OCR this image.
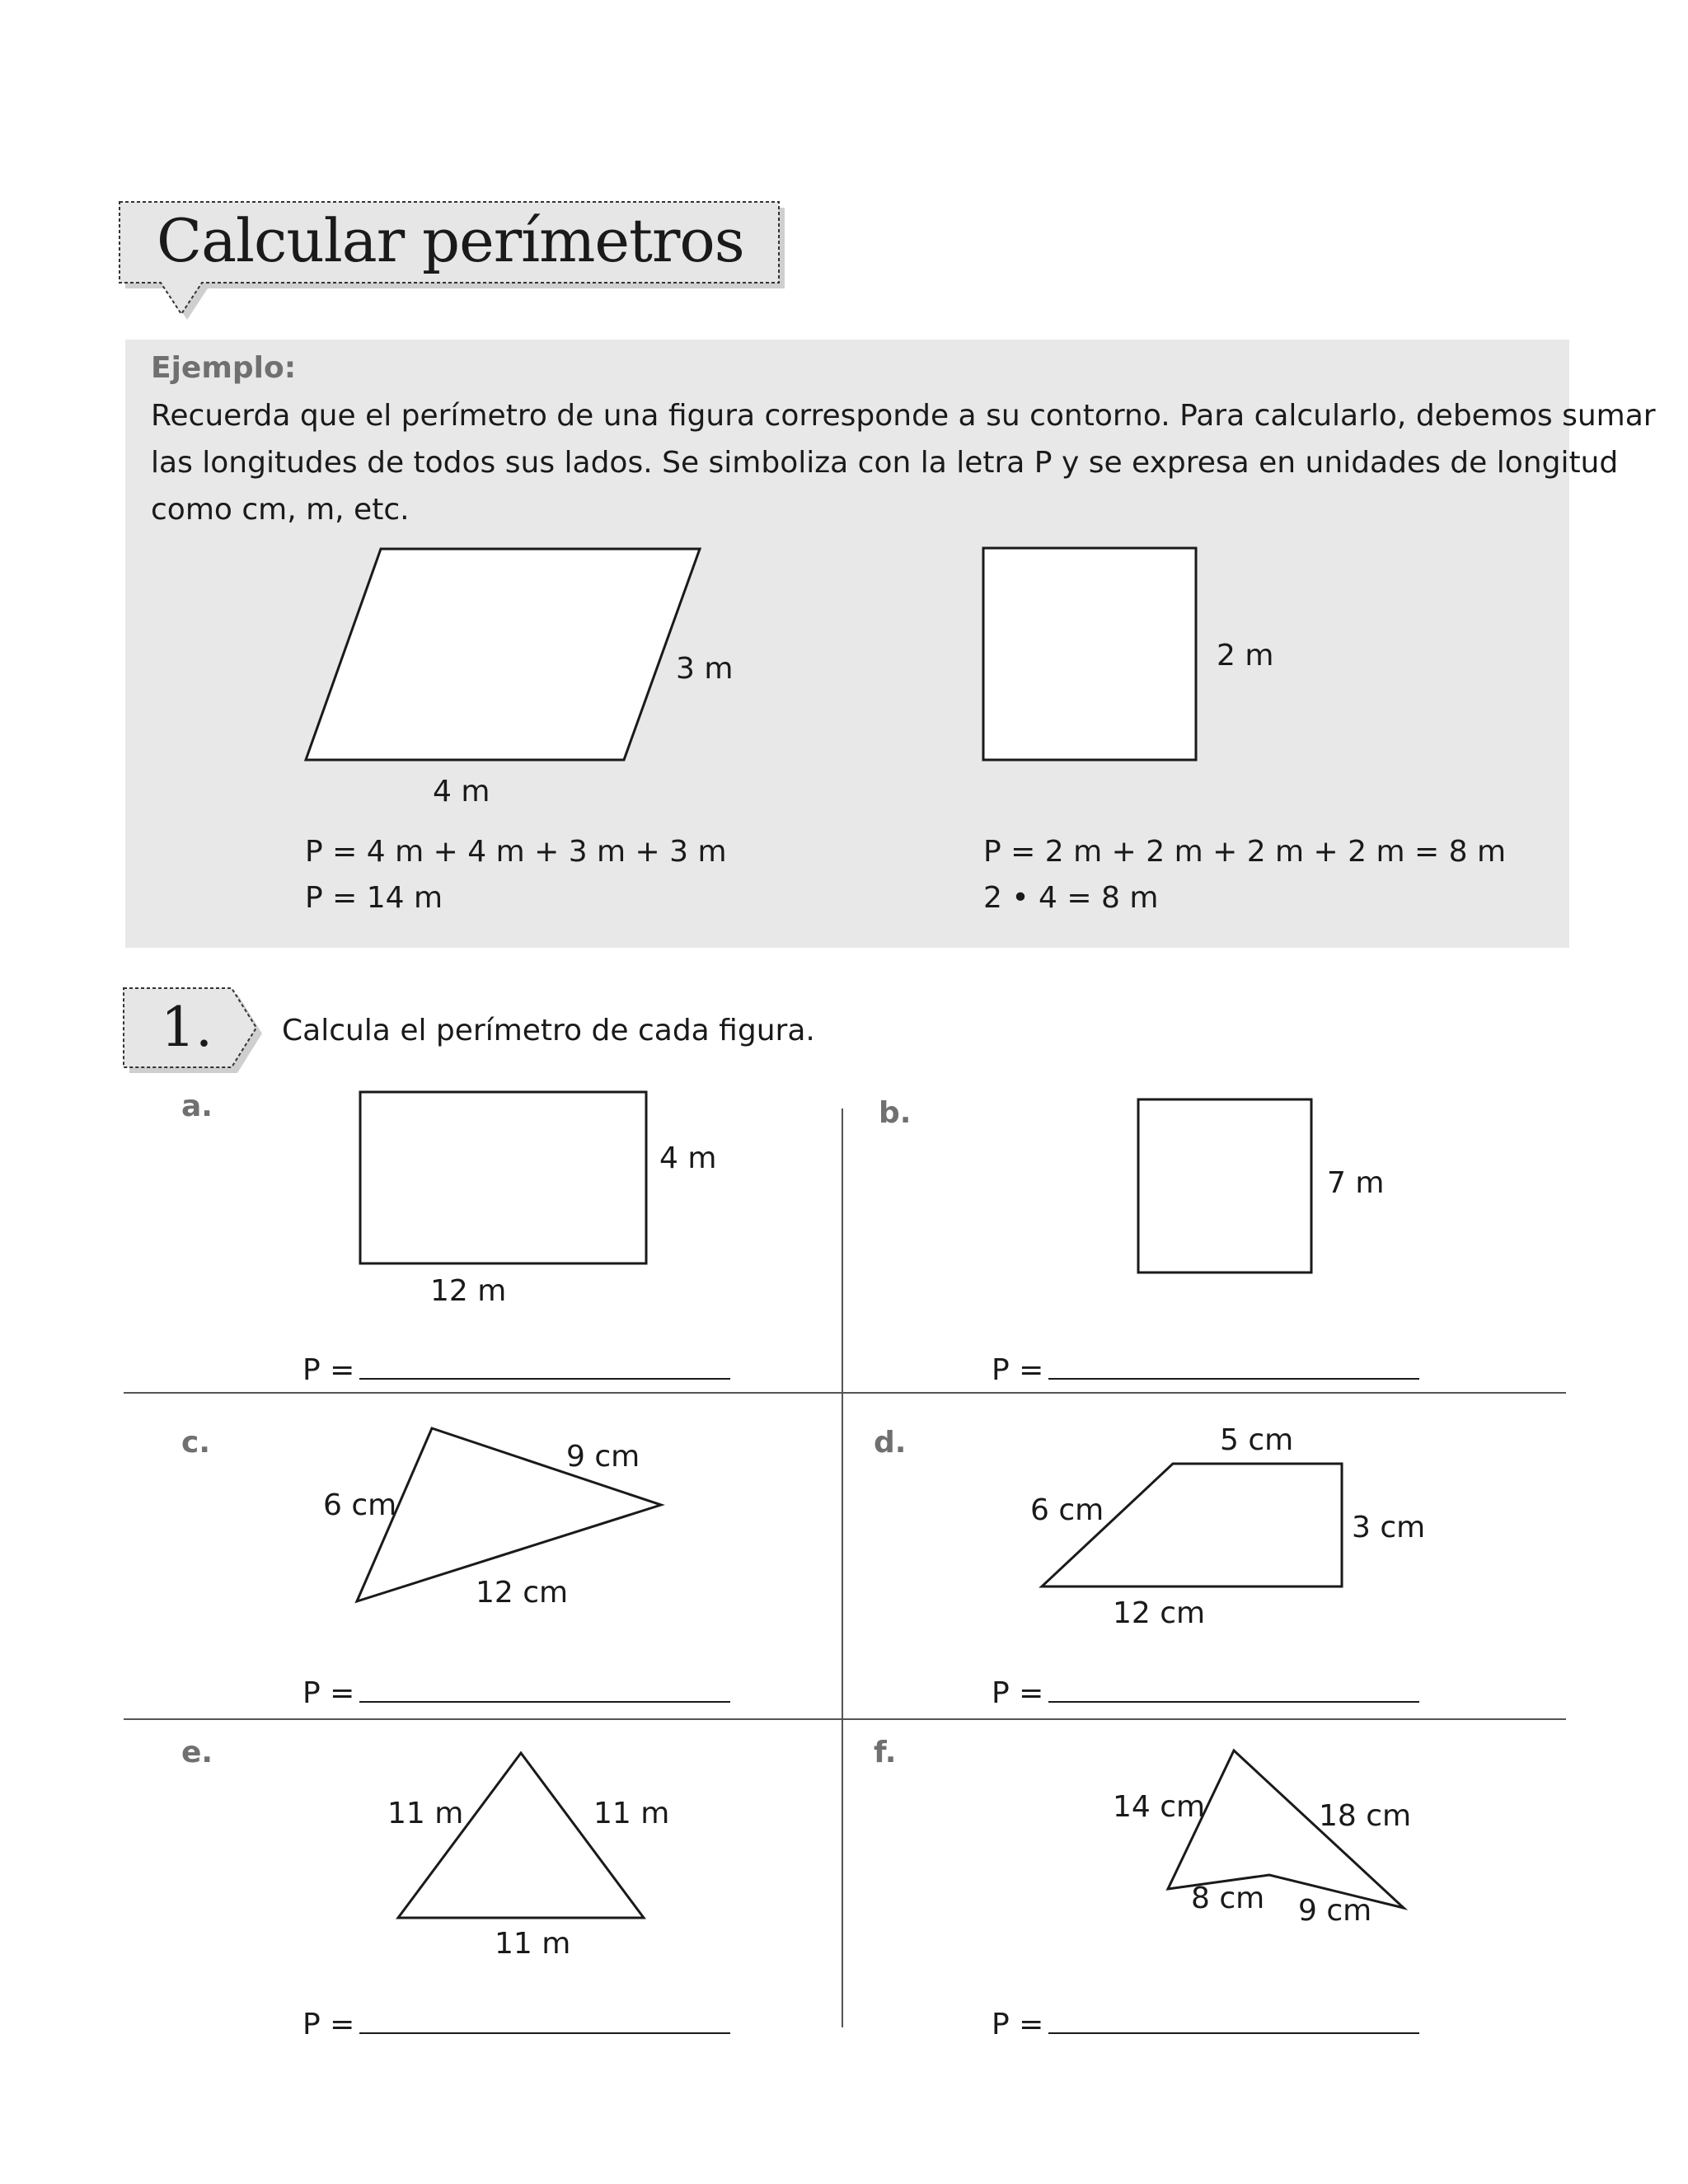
Calcular perímetros
Ejemplo:
Recuerda que el perímetro de una figura corresponde a su contorno. Para calcularlo, debemos sumar
las longitudes de todos sus lados. Se simboliza con la letra P y se expresa en unidades de longitud
como cm, m, etc.
3 m
4 m
2 m
P = 4 m + 4 m + 3 m + 3 m
P = 14 m
P = 2 m + 2 m + 2 m + 2 m = 8 m
2 • 4 = 8 m
1. Calcula el perímetro de cada figura.
a.	b.
c.	d.
e.	f.
4 m
12 m
7 m
9 cm
6 cm
12 cm
5 cm
6 cm
3 cm
12 cm
11 m	11 m
11 m
14 cm	18 cm
8 cm 9 cm
P =	P =
P =	P =
P =	P =
